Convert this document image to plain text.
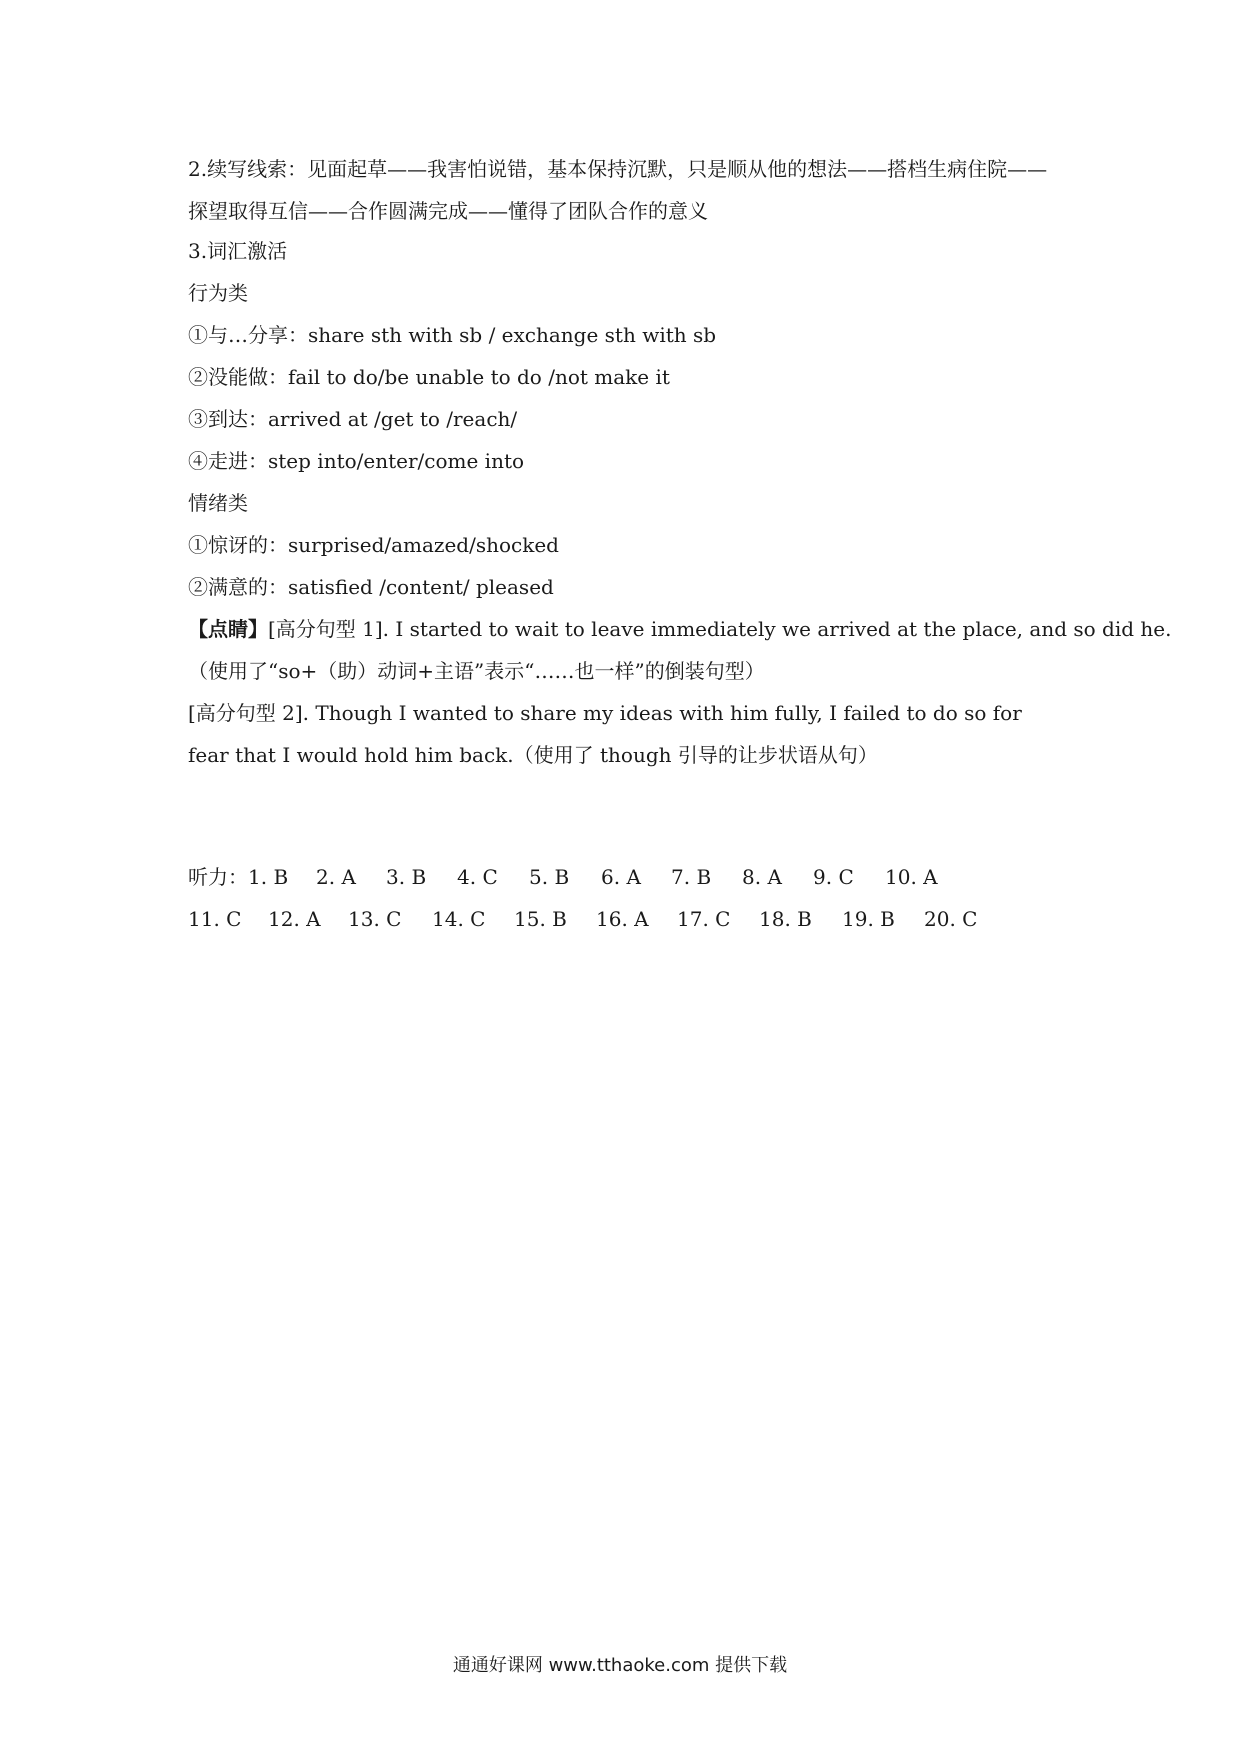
2.续写线索：见面起草——我害怕说错，基本保持沉默，只是顺从他的想法——搭档生病住院——探望取得互信——合作圆满完成——懂得了团队合作的意义
3.词汇激活
行为类
①与…分享：share sth with sb / exchange sth with sb
②没能做：fail to do/be unable to do /not make it
③到达：arrived at /get to /reach/
④走进：step into/enter/come into
情绪类
①惊讶的：surprised/amazed/shocked
②满意的：satisfied /content/ pleased
【点睛】[高分句型 1]. I started to wait to leave immediately we arrived at the place, and so did he.
（使用了“so+（助）动词+主语”表示“……也一样”的倒装句型）
[高分句型 2]. Though I wanted to share my ideas with him fully, I failed to do so for fear that I would hold him back.（使用了 though 引导的让步状语从句）
听力：1. B 2. A 3. B 4. C 5. B 6. A 7. B 8. A 9. C 10. A
11. C 12. A 13. C 14. C 15. B 16. A 17. C 18. B 19. B 20. C
通通好课网 www.tthaoke.com 提供下载
